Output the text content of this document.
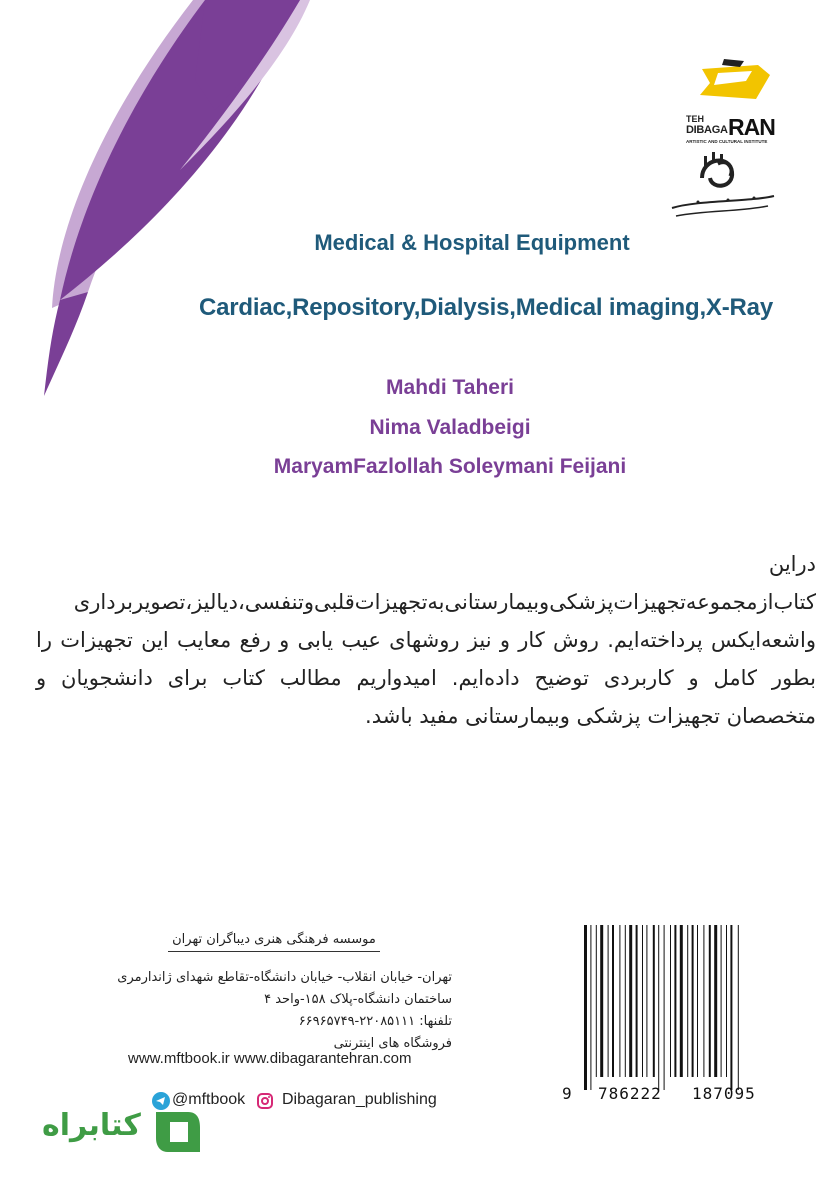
TEH
DIBAGA RAN
ARTISTIC AND CULTURAL INSTITUTE
Medical & Hospital Equipment
Cardiac,Repository,Dialysis,Medical imaging,X-Ray
Mahdi Taheri
Nima Valadbeigi
MaryamFazlollah Soleymani Feijani
دراین کتاب‌از‌مجموعه‌تجهیزات‌پزشکی‌وبیمارستانی‌به‌تجهیزات‌قلبی‌وتنفسی،دیالیز،تصویربرداری واشعه‌ایکس پرداخته‌ایم. روش کار و نیز روشهای عیب یابی و رفع معایب این تجهیزات را بطور کامل و کاربردی توضیح داده‌ایم. امیدواریم مطالب کتاب برای دانشجویان و متخصصان تجهیزات پزشکی وبیمارستانی مفید باشد.
موسسه فرهنگی هنری دیباگران تهران
تهران- خیابان انقلاب- خیابان دانشگاه-تقاطع شهدای ژاندارمری
ساختمان دانشگاه-پلاک ۱۵۸-واحد ۴
تلفنها: ۲۲۰۸۵۱۱۱-۶۶۹۶۵۷۴۹
فروشگاه های اینترنتی
www.mftbook.ir www.dibagarantehran.com
@mftbook Dibagaran_publishing	9 786222 187095
کتابراه
